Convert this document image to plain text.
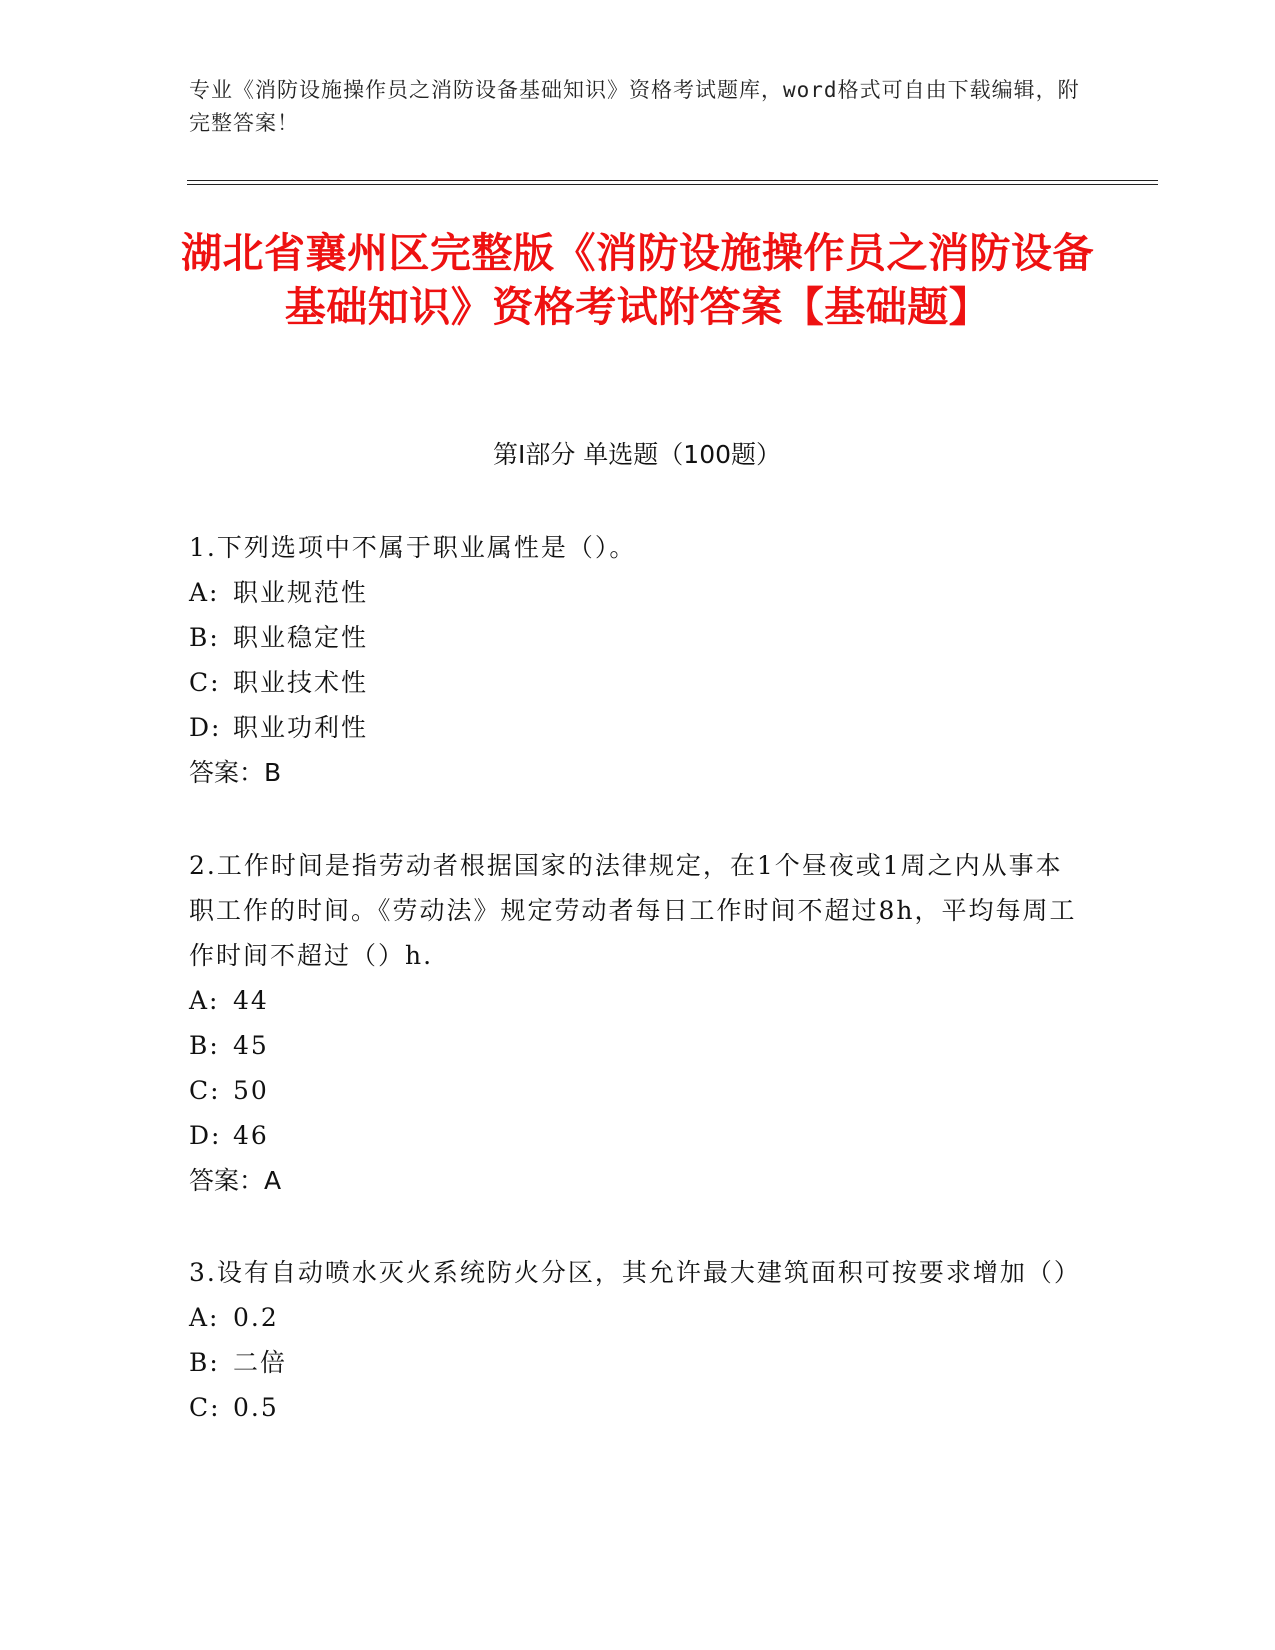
专业《消防设施操作员之消防设备基础知识》资格考试题库，word格式可自由下载编辑，附完整答案！
湖北省襄州区完整版《消防设施操作员之消防设备基础知识》资格考试附答案【基础题】
第I部分 单选题（100题）
1.下列选项中不属于职业属性是（）。
A: 职业规范性
B: 职业稳定性
C: 职业技术性
D: 职业功利性
答案：B
2.工作时间是指劳动者根据国家的法律规定，在1个昼夜或1周之内从事本职工作的时间。《劳动法》规定劳动者每日工作时间不超过8h，平均每周工作时间不超过（）h.
A: 44
B: 45
C: 50
D: 46
答案：A
3.设有自动喷水灭火系统防火分区，其允许最大建筑面积可按要求增加（）
A: 0.2
B: 二倍
C: 0.5
